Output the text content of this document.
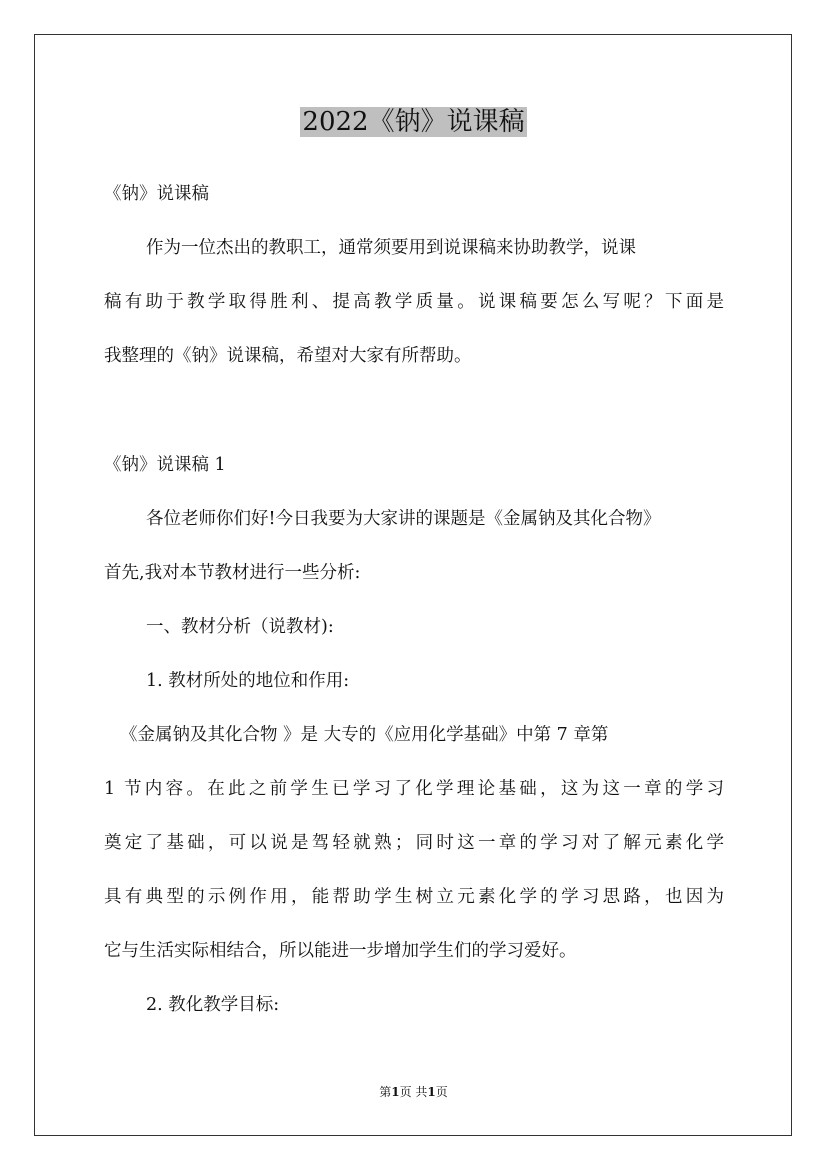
2022《钠》说课稿
《钠》说课稿
作为一位杰出的教职工，通常须要用到说课稿来协助教学，说课
稿有助于教学取得胜利、提高教学质量。说课稿要怎么写呢？下面是
我整理的《钠》说课稿，希望对大家有所帮助。
《钠》说课稿 1
各位老师你们好!今日我要为大家讲的课题是《金属钠及其化合物》
首先,我对本节教材进行一些分析:
一、教材分析（说教材):
1. 教材所处的地位和作用:
《金属钠及其化合物 》是 大专的《应用化学基础》中第 7 章第
1 节内容。在此之前学生已学习了化学理论基础，这为这一章的学习
奠定了基础，可以说是驾轻就熟；同时这一章的学习对了解元素化学
具有典型的示例作用，能帮助学生树立元素化学的学习思路，也因为
它与生活实际相结合，所以能进一步增加学生们的学习爱好。
2. 教化教学目标:
第1页 共1页
